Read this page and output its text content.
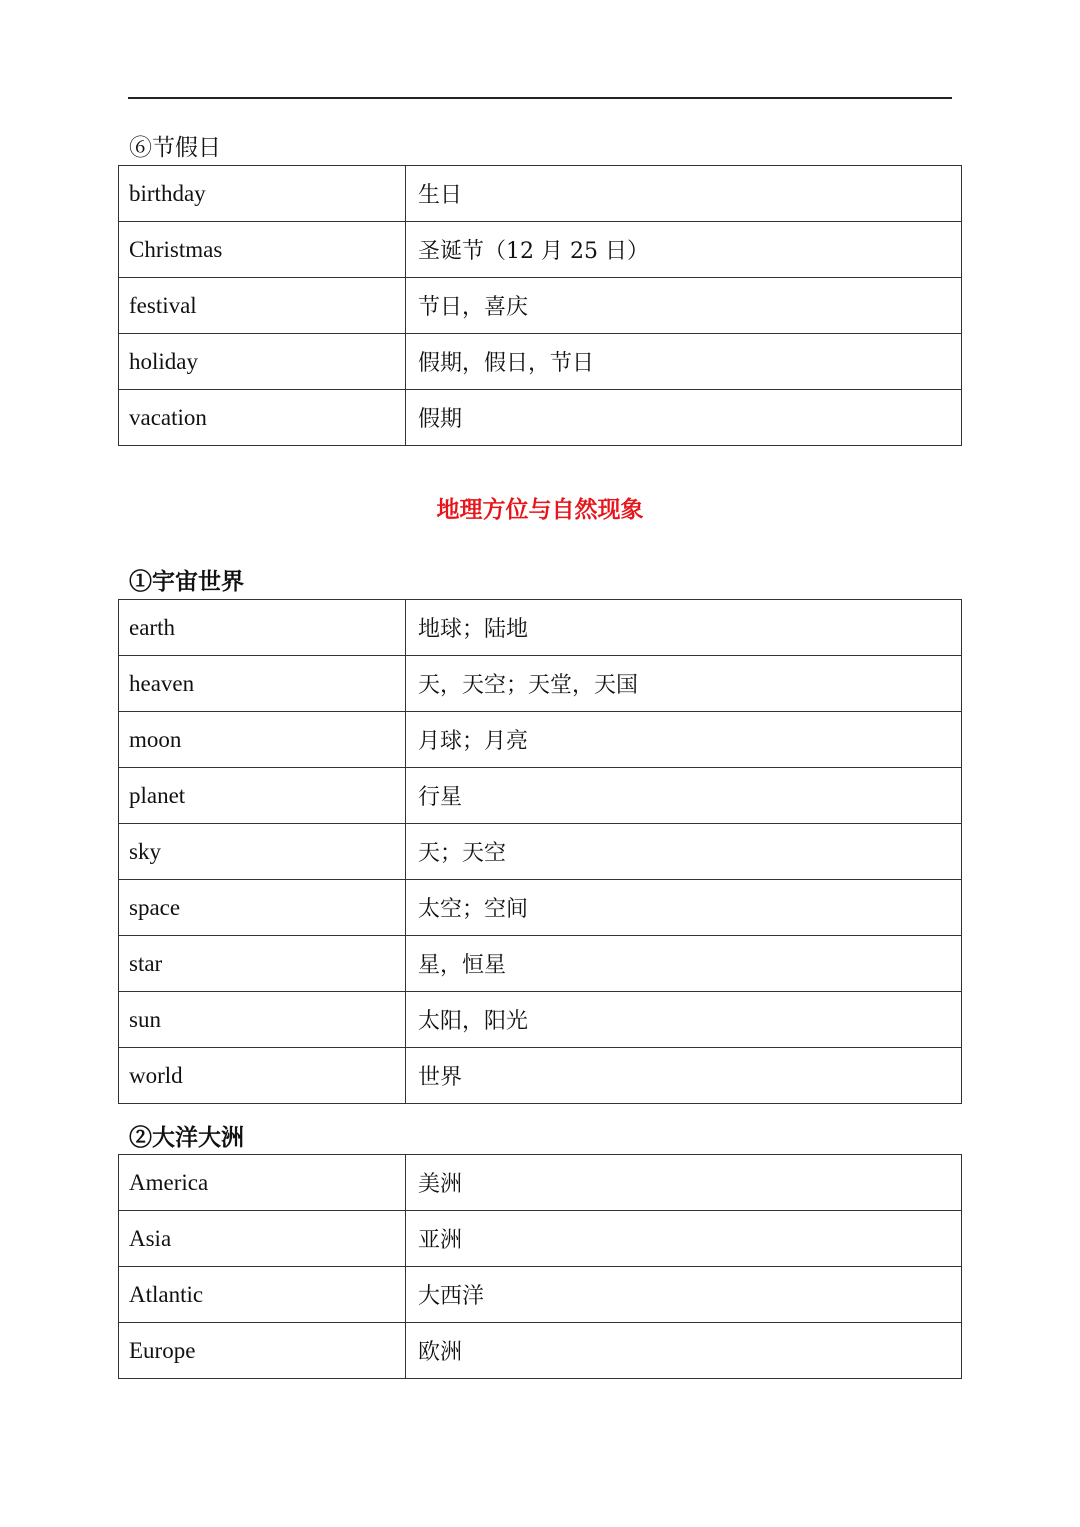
⑥节假日
birthday	生日
Christmas	圣诞节（12 月 25 日）
festival	节日，喜庆
holiday	假期，假日，节日
vacation	假期
地理方位与自然现象
①宇宙世界
earth	地球；陆地
heaven	天，天空；天堂，天国
moon	月球；月亮
planet	行星
sky	天；天空
space	太空；空间
star	星，恒星
sun	太阳，阳光
world	世界
②大洋大洲
America	美洲
Asia	亚洲
Atlantic	大西洋
Europe	欧洲
